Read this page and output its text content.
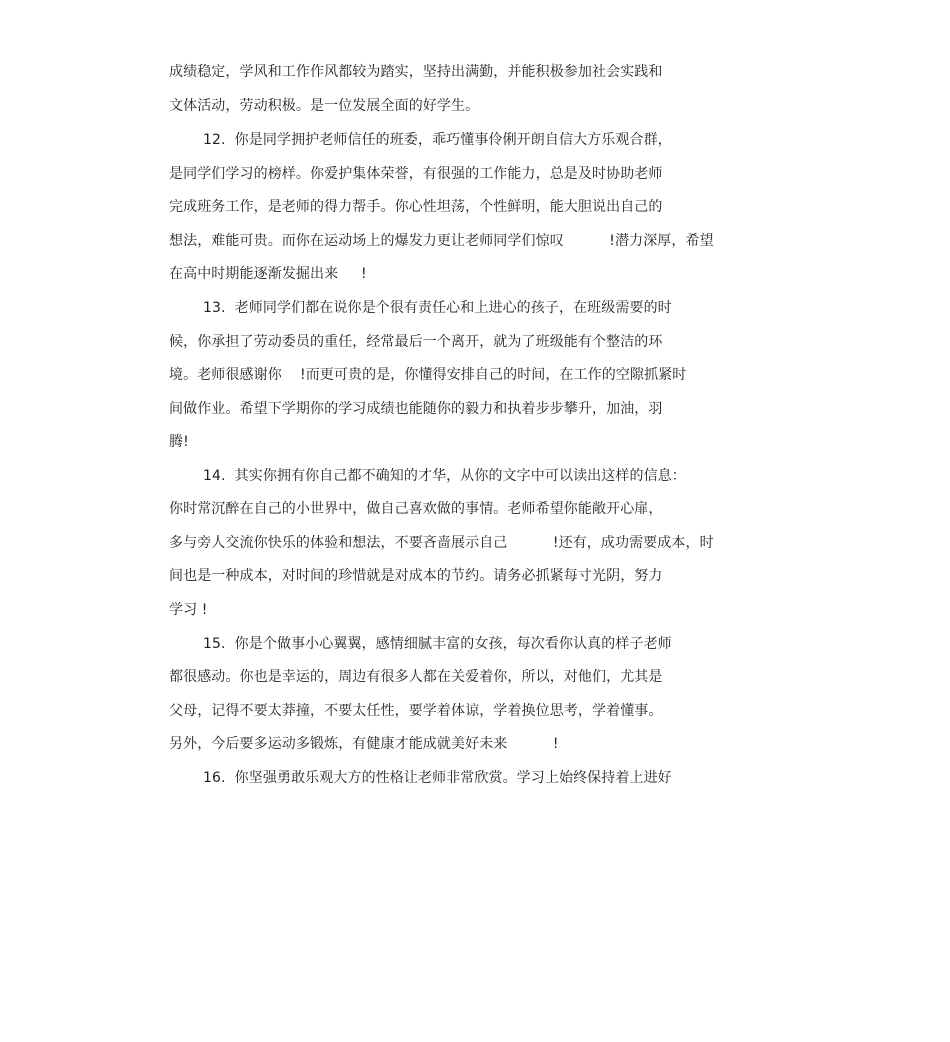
成绩稳定，学风和工作作风都较为踏实，坚持出满勤，并能积极参加社会实践和
文体活动，劳动积极。是一位发展全面的好学生。
12.  你是同学拥护老师信任的班委，乖巧懂事伶俐开朗自信大方乐观合群，
是同学们学习的榜样。你爱护集体荣誉，有很强的工作能力，总是及时协助老师
完成班务工作，是老师的得力帮手。你心性坦荡，个性鲜明，能大胆说出自己的
想法，难能可贵。而你在运动场上的爆发力更让老师同学们惊叹          !潜力深厚，希望
在高中时期能逐渐发掘出来     !
13.  老师同学们都在说你是个很有责任心和上进心的孩子，在班级需要的时
候，你承担了劳动委员的重任，经常最后一个离开，就为了班级能有个整洁的环
境。老师很感谢你    !而更可贵的是，你懂得安排自己的时间，在工作的空隙抓紧时
间做作业。希望下学期你的学习成绩也能随你的毅力和执着步步攀升，加油，羽
腾!
14.  其实你拥有你自己都不确知的才华，从你的文字中可以读出这样的信息：
你时常沉醉在自己的小世界中，做自己喜欢做的事情。老师希望你能敞开心扉，
多与旁人交流你快乐的体验和想法，不要吝啬展示自己          !还有，成功需要成本，时
间也是一种成本，对时间的珍惜就是对成本的节约。请务必抓紧每寸光阴，努力
学习 !
15.  你是个做事小心翼翼，感情细腻丰富的女孩，每次看你认真的样子老师
都很感动。你也是幸运的，周边有很多人都在关爱着你，所以，对他们，尤其是
父母，记得不要太莽撞，不要太任性，要学着体谅，学着换位思考，学着懂事。
另外，今后要多运动多锻炼，有健康才能成就美好未来          !
16.  你坚强勇敢乐观大方的性格让老师非常欣赏。学习上始终保持着上进好
